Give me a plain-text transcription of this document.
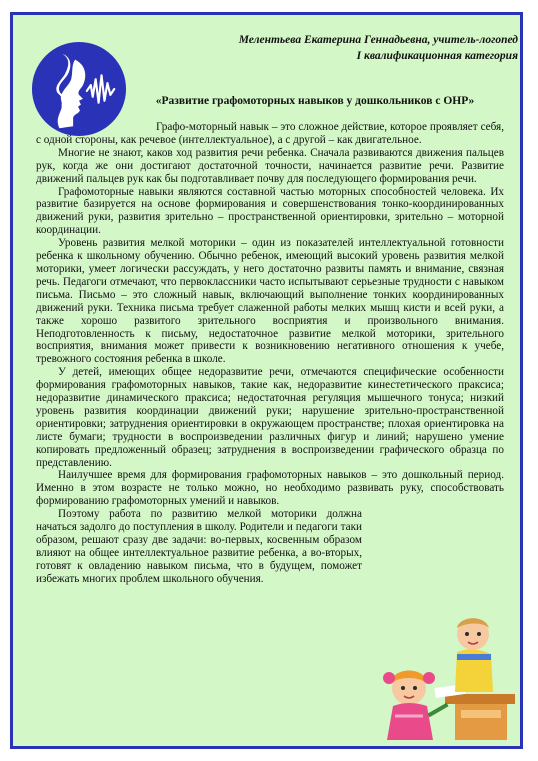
Мелентьева Екатерина Геннадьевна, учитель-логопед
I квалификационная категория
«Развитие графомоторных навыков у дошкольников с ОНР»

Графо-моторный навык – это сложное действие, которое проявляет себя, с одной стороны, как речевое (интеллектуальное), а с другой – как двигательное.

Многие не знают, каков ход развития речи ребенка. Сначала развиваются движения пальцев рук, когда же они достигают достаточной точности, начинается развитие речи. Развитие движений пальцев рук как бы подготавливает почву для последующего формирования речи.

Графомоторные навыки являются составной частью моторных способностей человека. Их развитие базируется на основе формирования и совершенствования тонко-координированных движений руки, развития зрительно – пространственной ориентировки, зрительно – моторной координации.

Уровень развития мелкой моторики – один из показателей интеллектуальной готовности ребенка к школьному обучению. Обычно ребенок, имеющий высокий уровень развития мелкой моторики, умеет логически рассуждать, у него достаточно развиты память и внимание, связная речь. Педагоги отмечают, что первоклассники часто испытывают серьезные трудности с навыком письма. Письмо – это сложный навык, включающий выполнение тонких координированных движений руки. Техника письма требует слаженной работы мелких мышц кисти и всей руки, а также хорошо развитого зрительного восприятия и произвольного внимания. Неподготовленность к письму, недостаточное развитие мелкой моторики, зрительного восприятия, внимания может привести к возникновению негативного отношения к учебе, тревожного состояния ребенка в школе.

У детей, имеющих общее недоразвитие речи, отмечаются специфические особенности формирования графомоторных навыков, такие как, недоразвитие кинестетического праксиса; недоразвитие динамического праксиса; недостаточная регуляция мышечного тонуса; низкий уровень развития координации движений руки; нарушение зрительно-пространственной ориентировки; затруднения ориентировки в окружающем пространстве; плохая ориентировка на листе бумаги; трудности в воспроизведении различных фигур и линий; нарушено умение копировать предложенный образец; затруднения в воспроизведении графического образца по представлению.

Наилучшее время для формирования графомоторных навыков – это дошкольный период. Именно в этом возрасте не только можно, но необходимо развивать руку, способствовать формированию графомоторных умений и навыков.

Поэтому работа по развитию мелкой моторики должна начаться задолго до поступления в школу. Родители и педагоги таки образом, решают сразу две задачи: во-первых, косвенным образом влияют на общее интеллектуальное развитие ребенка, а во-вторых, готовят к овладению навыком письма, что в будущем, поможет избежать многих проблем школьного обучения.
